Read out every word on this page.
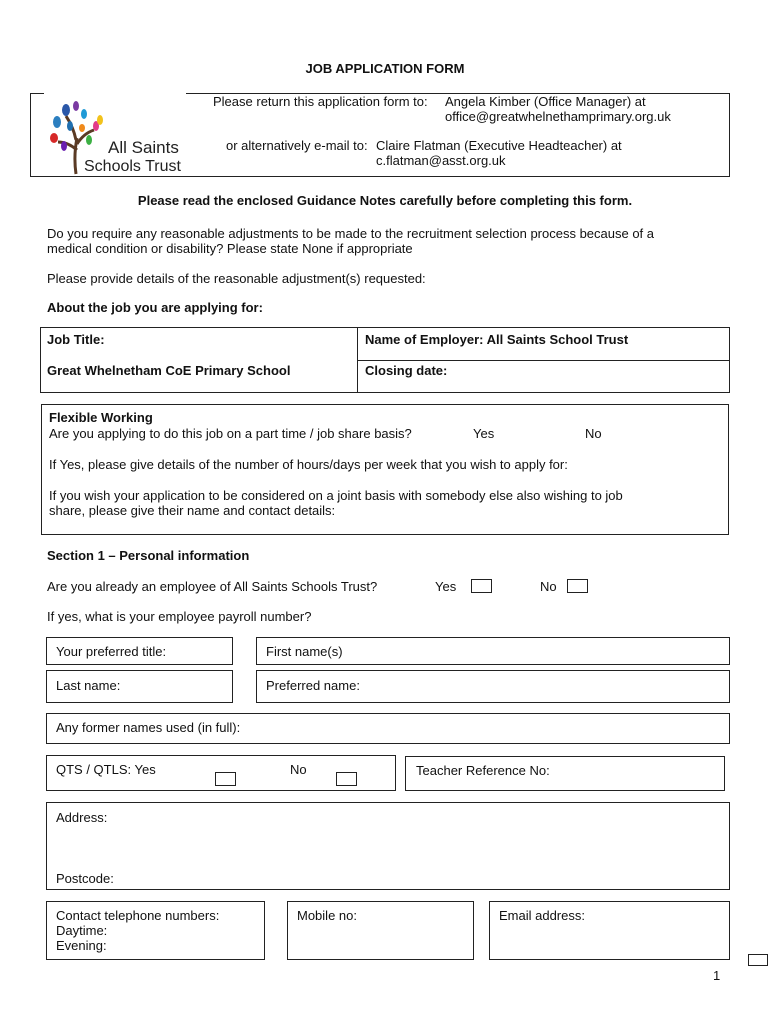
JOB APPLICATION FORM
All Saints
Schools Trust
Please return this application form to: Angela Kimber (Office Manager) at
office@greatwhelnethamprimary.org.uk
or alternatively e-mail to: Claire Flatman (Executive Headteacher) at
c.flatman@asst.org.uk
Please read the enclosed Guidance Notes carefully before completing this form.
Do you require any reasonable adjustments to be made to the recruitment selection process because of a
medical condition or disability? Please state None if appropriate
Please provide details of the reasonable adjustment(s) requested:
About the job you are applying for:
Job Title:	Name of Employer: All Saints School Trust
Great Whelnetham CoE Primary School	Closing date:
Flexible Working
Are you applying to do this job on a part time / job share basis?	Yes	No
If Yes, please give details of the number of hours/days per week that you wish to apply for:
If you wish your application to be considered on a joint basis with somebody else also wishing to job
share, please give their name and contact details:
Section 1 – Personal information
Are you already an employee of All Saints Schools Trust?	Yes	No
If yes, what is your employee payroll number?
Your preferred title:	First name(s)
Last name:	Preferred name:
Any former names used (in full):
QTS / QTLS: Yes	No	Teacher Reference No:
Address:
Postcode:
Contact telephone numbers:
Daytime:
Evening:
Mobile no:	Email address:
1
